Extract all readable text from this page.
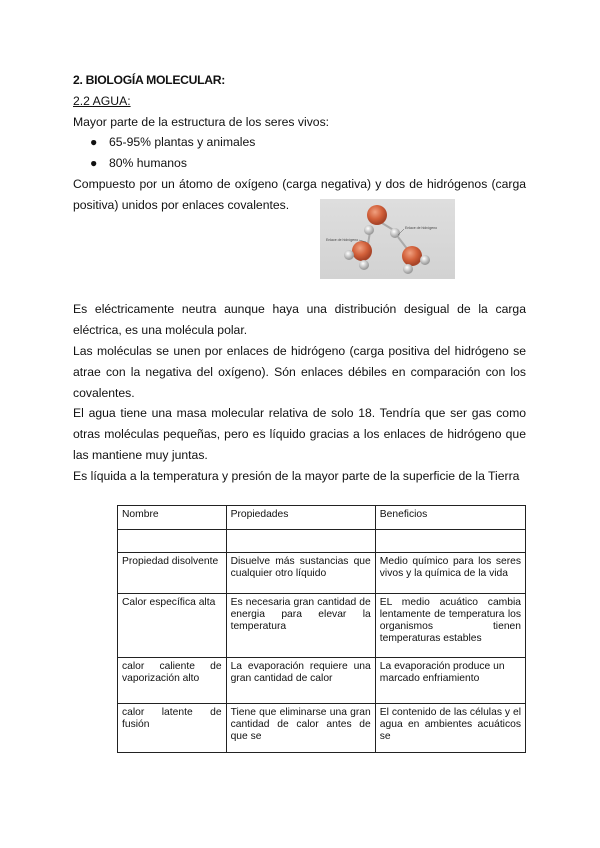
2. BIOLOGÍA MOLECULAR:
2.2 AGUA:
Mayor parte de la estructura de los seres vivos:
● 65-95% plantas y animales
● 80% humanos
Compuesto por un átomo de oxígeno (carga negativa) y dos de hidrógenos (carga
positiva) unidos por enlaces covalentes.
Enlace de hidrógeno
Enlace de hidrógeno
Es eléctricamente neutra aunque haya una distribución desigual de la carga
eléctrica, es una molécula polar.
Las moléculas se unen por enlaces de hidrógeno (carga positiva del hidrógeno se
atrae con la negativa del oxígeno). Són enlaces débiles en comparación con los
covalentes.
El agua tiene una masa molecular relativa de solo 18. Tendría que ser gas como
otras moléculas pequeñas, pero es líquido gracias a los enlaces de hidrógeno que
las mantiene muy juntas.
Es líquida a la temperatura y presión de la mayor parte de la superficie de la Tierra
Nombre	Propiedades	Beneficios

Propiedad disolvente	Disuelve más sustancias que cualquier otro líquido	Medio químico para los seres vivos y la química de la vida
Calor específica alta	Es necesaria gran cantidad de energia para elevar la temperatura	EL medio acuático cambia lentamente de temperatura los organismos tienen temperaturas estables
calor caliente de vaporización alto	La evaporación requiere una gran cantidad de calor	La evaporación produce un marcado enfriamiento
calor latente de fusión	Tiene que eliminarse una gran cantidad de calor antes de que se	El contenido de las células y el agua en ambientes acuáticos se
